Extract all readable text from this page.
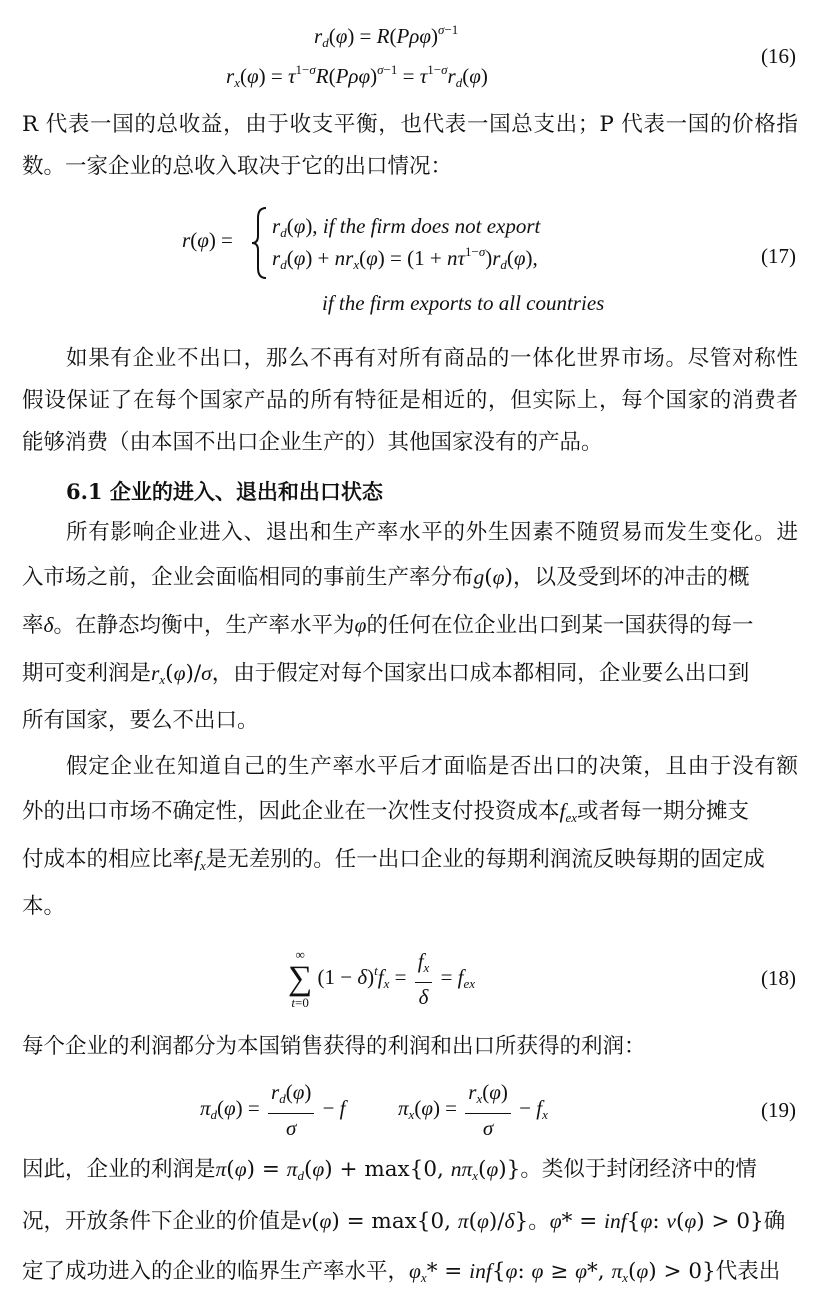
$r_d(\varphi) = R(P\rho\varphi)^{\sigma-1}$
$r_x(\varphi) = \tau^{1-\sigma}R(P\rho\varphi)^{\sigma-1} = \tau^{1-\sigma}r_d(\varphi)$
(16)
R 代表一国的总收益，由于收支平衡，也代表一国总支出；P 代表一国的价格指
数。一家企业的总收入取决于它的出口情况：
r(φ) =
$r_d(\varphi)$, if the firm does not export
$r_d(\varphi) + nr_x(\varphi) = (1 + n\tau^{1-\sigma})r_d(\varphi)$,	(17)
if the firm exports to all countries
如果有企业不出口，那么不再有对所有商品的一体化世界市场。尽管对称性
假设保证了在每个国家产品的所有特征是相近的，但实际上，每个国家的消费者
能够消费（由本国不出口企业生产的）其他国家没有的产品。
6.1 企业的进入、退出和出口状态
所有影响企业进入、退出和生产率水平的外生因素不随贸易而发生变化。进
入市场之前，企业会面临相同的事前生产率分布g(φ)，以及受到坏的冲击的概
率δ。在静态均衡中，生产率水平为φ的任何在位企业出口到某一国获得的每一
期可变利润是$r_x(\varphi)/\sigma$，由于假定对每个国家出口成本都相同，企业要么出口到
所有国家，要么不出口。
假定企业在知道自己的生产率水平后才面临是否出口的决策，且由于没有额
外的出口市场不确定性，因此企业在一次性支付投资成本$f_{ex}$或者每一期分摊支
付成本的相应比率$f_x$是无差别的。任一出口企业的每期利润流反映每期的固定成
本。
∞
∑
t=0
$(1 - \delta)^tf_x = \frac{f_x}{\delta} = f_{ex}$	(18)
每个企业的利润都分为本国销售获得的利润和出口所获得的利润：
$\pi_d(\varphi) = \frac{r_d(\varphi)}{\sigma} - f$	$\pi_x(\varphi) = \frac{r_x(\varphi)}{\sigma} - f_x$	(19)
因此，企业的利润是$\pi(\varphi) = \pi_d(\varphi) + \max\{0$, $n\pi_x(\varphi)$}。类似于封闭经济中的情
况，开放条件下企业的价值是v(φ) = max{0, π(φ)/δ}。φ* = inf{φ: v(φ) > 0}确
定了成功进入的企业的临界生产率水平，$\varphi_x* = inf\{\varphi$: φ ≥ φ*, $\pi_x(\varphi) > 0$}代表出
